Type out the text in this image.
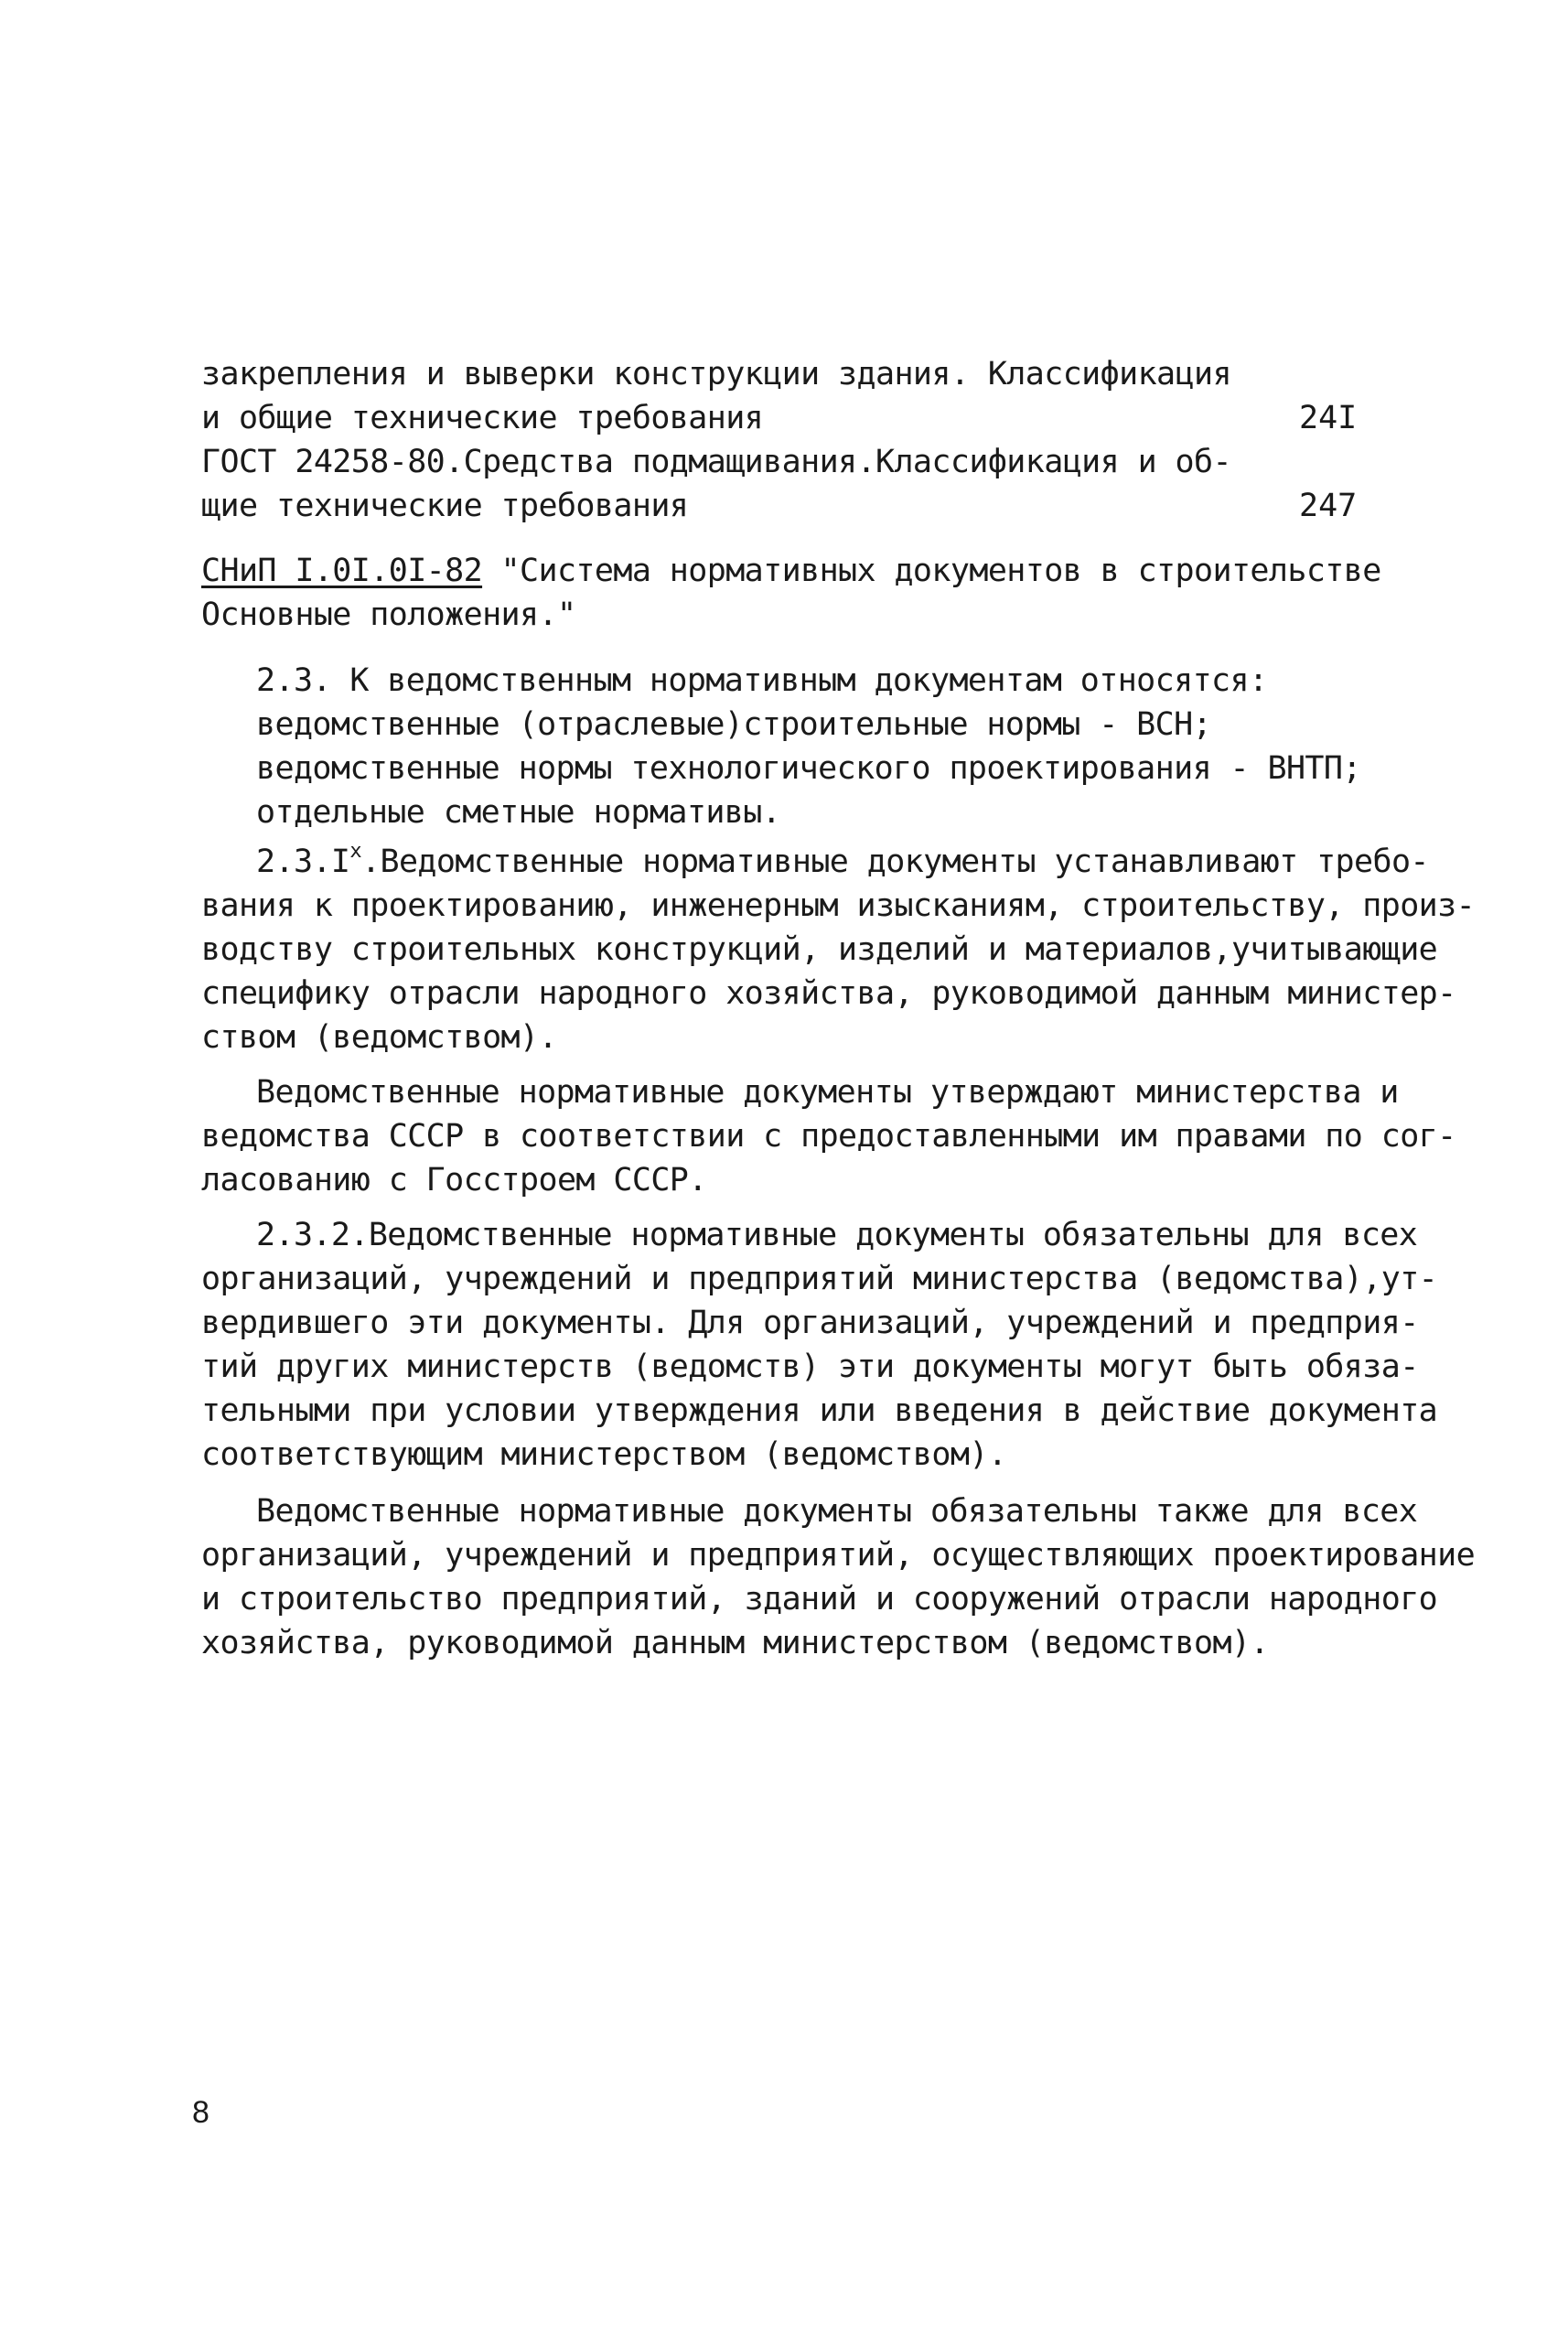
закрепления и выверки конструкции здания. Классификация
и общие технические требования	24I
ГОСТ 24258-80.Средства подмащивания.Классификация и об-
щие технические требования	247
СНиП I.0I.0I-82 "Система нормативных документов в строительстве
Основные положения."
2.3. К ведомственным нормативным документам относятся:
ведомственные (отраслевые)строительные нормы - ВСН;
ведомственные нормы технологического проектирования - ВНТП;
отдельные сметные нормативы.
$2.3.I^x.Ведомственные$ нормативные документы устанавливают требо-
вания к проектированию, инженерным изысканиям, строительству, произ-
водству строительных конструкций, изделий и материалов,учитывающие
специфику отрасли народного хозяйства, руководимой данным министер-
ством (ведомством).
Ведомственные нормативные документы утверждают министерства и
ведомства СССР в соответствии с предоставленными им правами по сог-
ласованию с Госстроем СССР.
2.3.2.Ведомственные нормативные документы обязательны для всех
организаций, учреждений и предприятий министерства (ведомства),ут-
вердившего эти документы. Для организаций, учреждений и предприя-
тий других министерств (ведомств) эти документы могут быть обяза-
тельными при условии утверждения или введения в действие документа
соответствующим министерством (ведомством).
Ведомственные нормативные документы обязательны также для всех
организаций, учреждений и предприятий, осуществляющих проектирование
и строительство предприятий, зданий и сооружений отрасли народного
хозяйства, руководимой данным министерством (ведомством).
8
